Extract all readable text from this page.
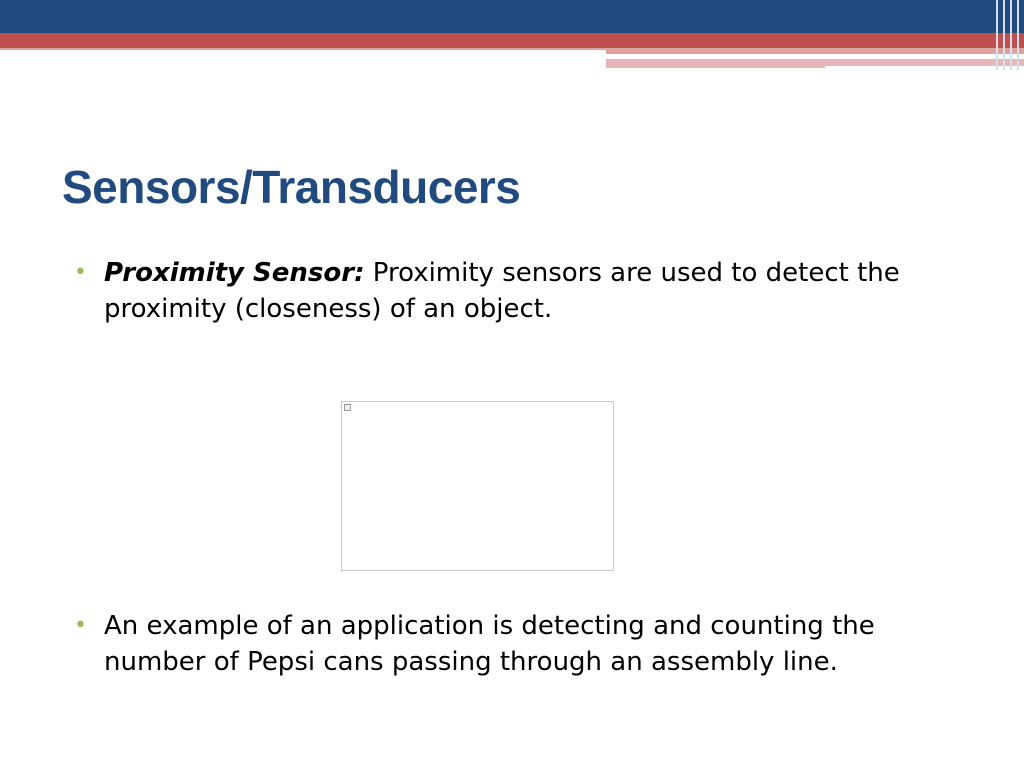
Sensors/Transducers
• Proximity Sensor: Proximity sensors are used to detect the proximity (closeness) of an object.
• An example of an application is detecting and counting the number of Pepsi cans passing through an assembly line.
